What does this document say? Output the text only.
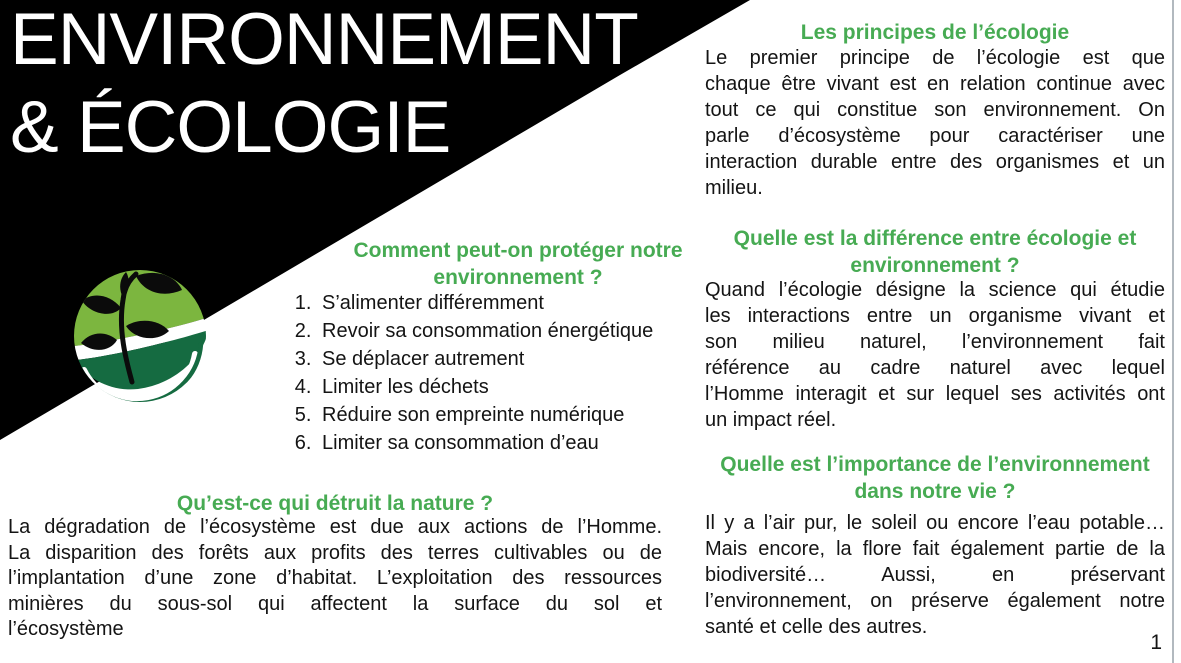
ENVIRONNEMENT
& ÉCOLOGIE
Comment peut-on protéger notre environnement ?
1. S’alimenter différemment
2. Revoir sa consommation énergétique
3. Se déplacer autrement
4. Limiter les déchets
5. Réduire son empreinte numérique
6. Limiter sa consommation d’eau
Qu’est-ce qui détruit la nature ?
La dégradation de l’écosystème est due aux actions de l’Homme.
La disparition des forêts aux profits des terres cultivables ou de
l’implantation d’une zone d’habitat. L’exploitation des ressources
minières du sous-sol qui affectent la surface du sol et
l’écosystème
Les principes de l’écologie
Le premier principe de l’écologie est que
chaque être vivant est en relation continue avec
tout ce qui constitue son environnement. On
parle d’écosystème pour caractériser une
interaction durable entre des organismes et un
milieu.
Quelle est la différence entre écologie et environnement ?
Quand l’écologie désigne la science qui étudie
les interactions entre un organisme vivant et
son milieu naturel, l’environnement fait
référence au cadre naturel avec lequel
l’Homme interagit et sur lequel ses activités ont
un impact réel.
Quelle est l’importance de l’environnement dans notre vie ?
Il y a l’air pur, le soleil ou encore l’eau potable…
Mais encore, la flore fait également partie de la
biodiversité… Aussi, en préservant
l’environnement, on préserve également notre
santé et celle des autres.
1
